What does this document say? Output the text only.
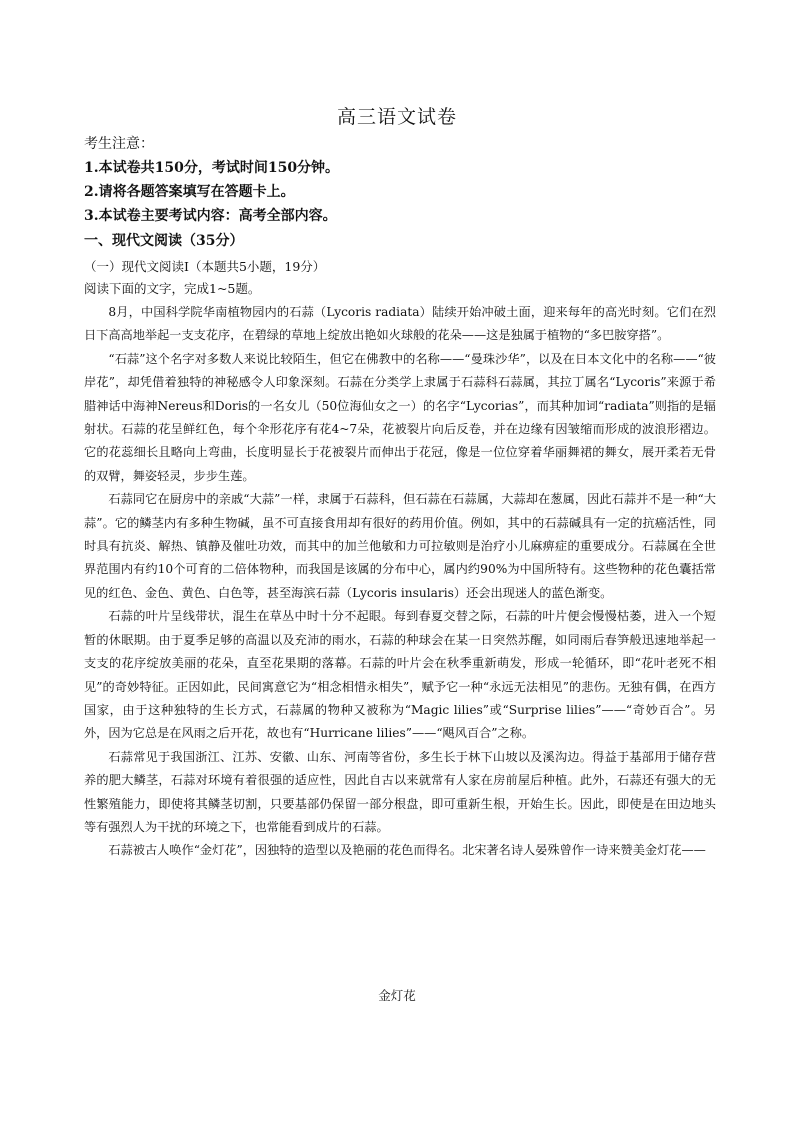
高三语文试卷
考生注意：
1.本试卷共150分，考试时间150分钟。
2.请将各题答案填写在答题卡上。
3.本试卷主要考试内容：高考全部内容。
一、现代文阅读（35分）
（一）现代文阅读Ⅰ（本题共5小题，19分）
阅读下面的文字，完成1~5题。

8月，中国科学院华南植物园内的石蒜（Lycoris radiata）陆续开始冲破土面，迎来每年的高光时刻。它们在烈日下高高地举起一支支花序，在碧绿的草地上绽放出艳如火球般的花朵——这是独属于植物的“多巴胺穿搭”。

“石蒜”这个名字对多数人来说比较陌生，但它在佛教中的名称——“曼珠沙华”，以及在日本文化中的名称——“彼岸花”，却凭借着独特的神秘感令人印象深刻。石蒜在分类学上隶属于石蒜科石蒜属，其拉丁属名“Lycoris”来源于希腊神话中海神Nereus和Doris的一名女儿（50位海仙女之一）的名字“Lycorias”，而其种加词“radiata”则指的是辐射状。石蒜的花呈鲜红色，每个伞形花序有花4~7朵，花被裂片向后反卷，并在边缘有因皱缩而形成的波浪形褶边。它的花蕊细长且略向上弯曲，长度明显长于花被裂片而伸出于花冠，像是一位位穿着华丽舞裙的舞女，展开柔若无骨的双臂，舞姿轻灵，步步生莲。

石蒜同它在厨房中的亲戚“大蒜”一样，隶属于石蒜科，但石蒜在石蒜属，大蒜却在葱属，因此石蒜并不是一种“大蒜”。它的鳞茎内有多种生物碱，虽不可直接食用却有很好的药用价值。例如，其中的石蒜碱具有一定的抗癌活性，同时具有抗炎、解热、镇静及催吐功效，而其中的加兰他敏和力可拉敏则是治疗小儿麻痹症的重要成分。石蒜属在全世界范围内有约10个可育的二倍体物种，而我国是该属的分布中心，属内约90%为中国所特有。这些物种的花色囊括常见的红色、金色、黄色、白色等，甚至海滨石蒜（Lycoris insularis）还会出现迷人的蓝色渐变。

石蒜的叶片呈线带状，混生在草丛中时十分不起眼。每到春夏交替之际，石蒜的叶片便会慢慢枯萎，进入一个短暂的休眠期。由于夏季足够的高温以及充沛的雨水，石蒜的种球会在某一日突然苏醒，如同雨后春笋般迅速地举起一支支的花序绽放美丽的花朵，直至花果期的落幕。石蒜的叶片会在秋季重新萌发，形成一轮循环，即“花叶老死不相见”的奇妙特征。正因如此，民间寓意它为“相念相惜永相失”，赋予它一种“永远无法相见”的悲伤。无独有偶，在西方国家，由于这种独特的生长方式，石蒜属的物种又被称为“Magic lilies”或“Surprise lilies”——“奇妙百合”。另外，因为它总是在风雨之后开花，故也有“Hurricane lilies”——“飓风百合”之称。

石蒜常见于我国浙江、江苏、安徽、山东、河南等省份，多生长于林下山坡以及溪沟边。得益于基部用于储存营养的肥大鳞茎，石蒜对环境有着很强的适应性，因此自古以来就常有人家在房前屋后种植。此外，石蒜还有强大的无性繁殖能力，即使将其鳞茎切割，只要基部仍保留一部分根盘，即可重新生根，开始生长。因此，即使是在田边地头等有强烈人为干扰的环境之下，也常能看到成片的石蒜。

石蒜被古人唤作“金灯花”，因独特的造型以及艳丽的花色而得名。北宋著名诗人晏殊曾作一诗来赞美金灯花——

金灯花
